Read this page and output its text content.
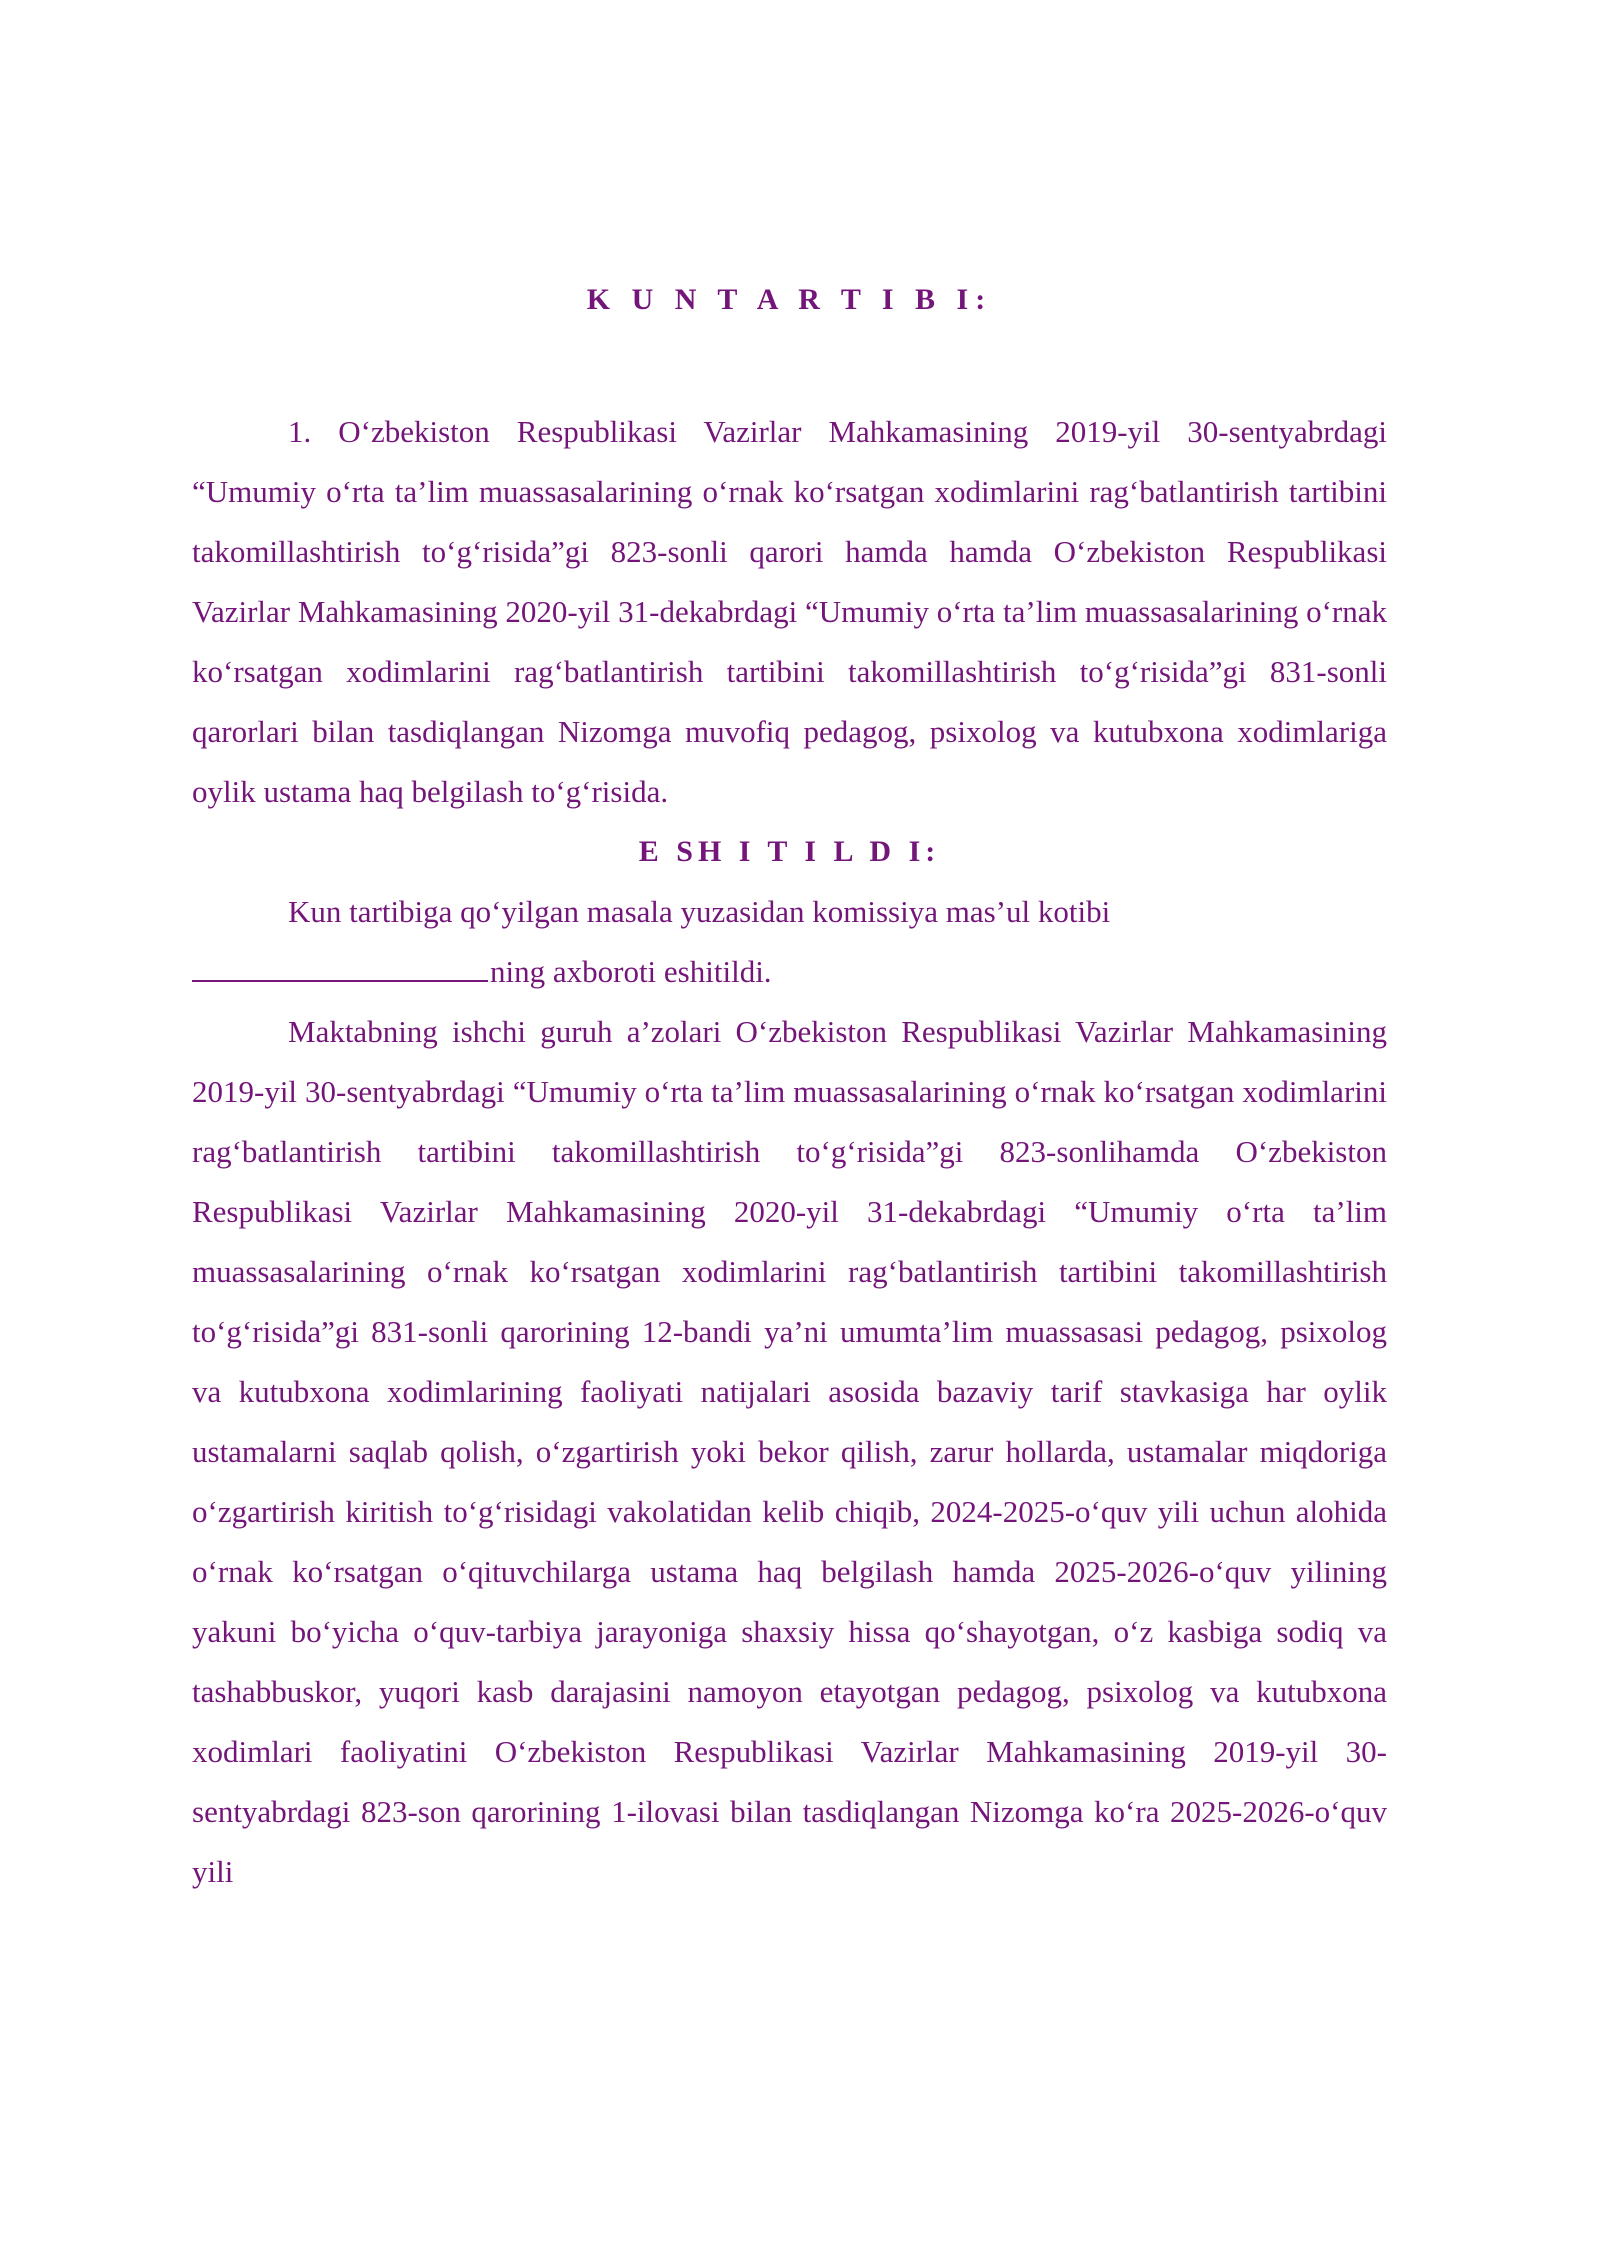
K U N T A R T I B I:

1. Oʻzbekiston Respublikasi Vazirlar Mahkamasining 2019-yil 30-sentyabrdagi “Umumiy oʻrta ta’lim muassasalarining oʻrnak koʻrsatgan xodimlarini ragʻbatlantirish tartibini takomillashtirish toʻgʻrisida”gi 823-sonli qarori hamda hamda Oʻzbekiston Respublikasi Vazirlar Mahkamasining 2020-yil 31-dekabrdagi “Umumiy oʻrta ta’lim muassasalarining oʻrnak koʻrsatgan xodimlarini ragʻbatlantirish tartibini takomillashtirish toʻgʻrisida”gi 831-sonli qarorlari bilan tasdiqlangan Nizomga muvofiq pedagog, psixolog va kutubxona xodimlariga oylik ustama haq belgilash toʻgʻrisida.

E SH I T I L D I:

Kun tartibiga qoʻyilgan masala yuzasidan komissiya mas’ul kotibi

ning axboroti eshitildi.

Maktabning ishchi guruh a’zolari Oʻzbekiston Respublikasi Vazirlar Mahkamasining 2019-yil 30-sentyabrdagi “Umumiy oʻrta ta’lim muassasalarining oʻrnak koʻrsatgan xodimlarini ragʻbatlantirish tartibini takomillashtirish toʻgʻrisida”gi 823-sonlihamda Oʻzbekiston Respublikasi Vazirlar Mahkamasining 2020-yil 31-dekabrdagi “Umumiy oʻrta ta’lim muassasalarining oʻrnak koʻrsatgan xodimlarini ragʻbatlantirish tartibini takomillashtirish toʻgʻrisida”gi 831-sonli qarorining 12-bandi ya’ni umumta’lim muassasasi pedagog, psixolog va kutubxona xodimlarining faoliyati natijalari asosida bazaviy tarif stavkasiga har oylik ustamalarni saqlab qolish, oʻzgartirish yoki bekor qilish, zarur hollarda, ustamalar miqdoriga oʻzgartirish kiritish toʻgʻrisidagi vakolatidan kelib chiqib, 2024-2025-oʻquv yili uchun alohida oʻrnak koʻrsatgan oʻqituvchilarga ustama haq belgilash hamda 2025-2026-oʻquv yilining yakuni boʻyicha oʻquv-tarbiya jarayoniga shaxsiy hissa qoʻshayotgan, oʻz kasbiga sodiq va tashabbuskor, yuqori kasb darajasini namoyon etayotgan pedagog, psixolog va kutubxona xodimlari faoliyatini Oʻzbekiston Respublikasi Vazirlar Mahkamasining 2019-yil 30-sentyabrdagi 823-son qarorining 1-ilovasi bilan tasdiqlangan Nizomga koʻra 2025-2026-oʻquv yili
